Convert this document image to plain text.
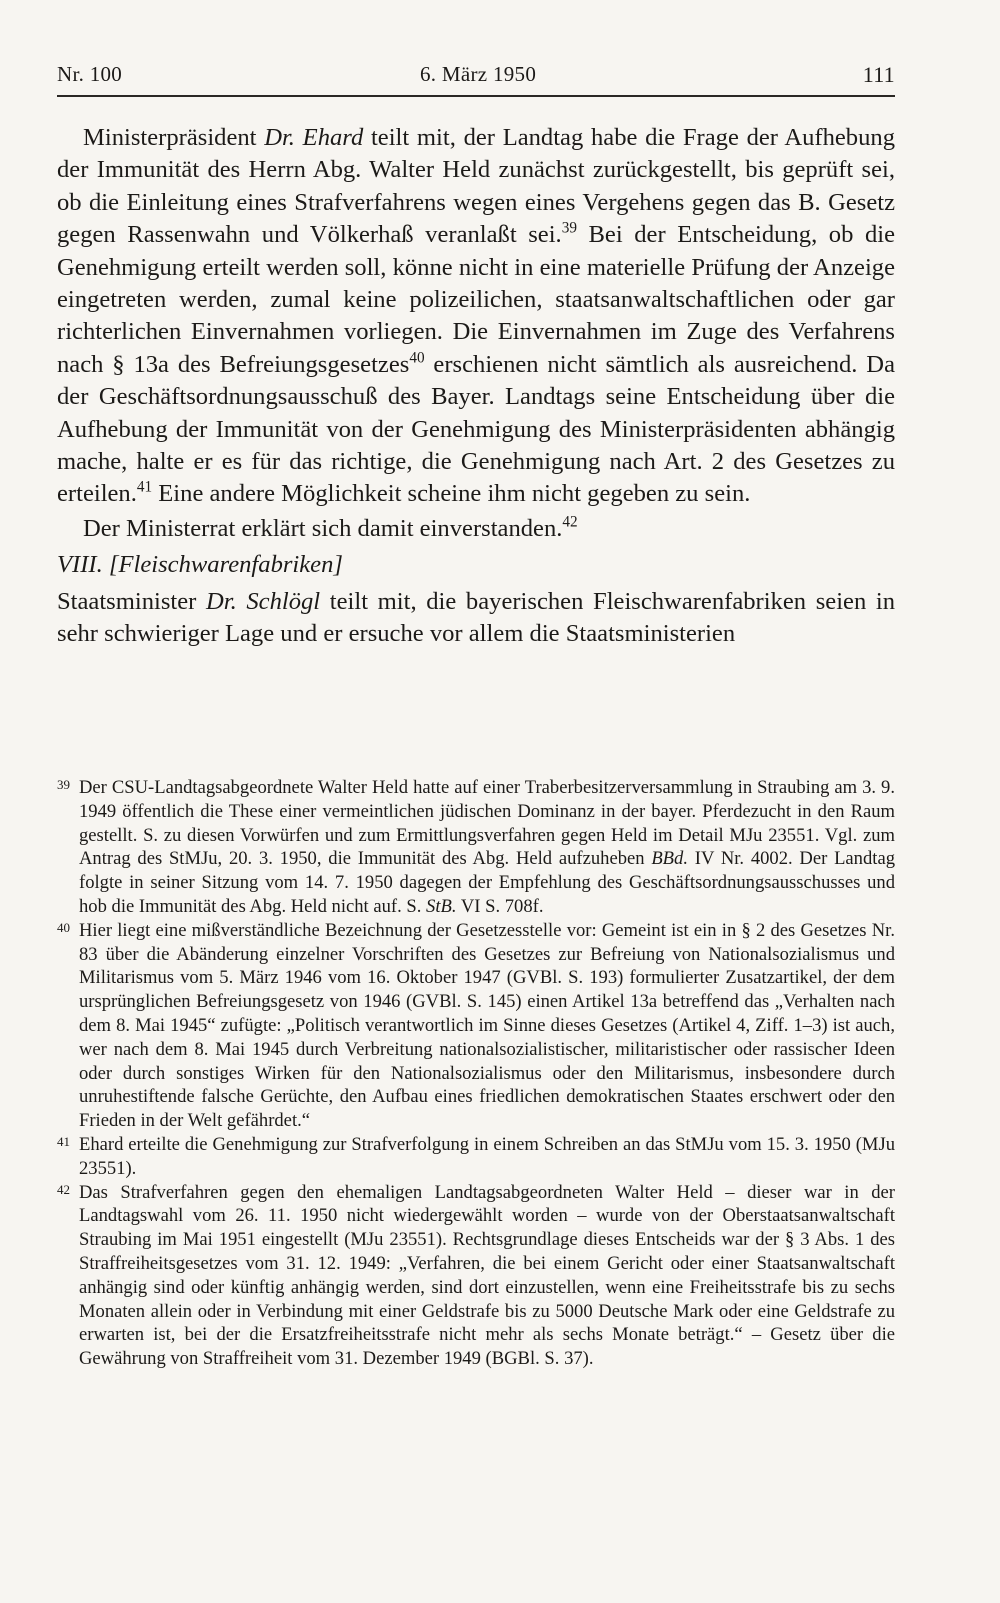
Nr. 100	6. März 1950	111

Ministerpräsident Dr. Ehard teilt mit, der Landtag habe die Frage der Aufhebung der Immunität des Herrn Abg. Walter Held zunächst zurückgestellt, bis geprüft sei, ob die Einleitung eines Strafverfahrens wegen eines Vergehens gegen das B. Gesetz gegen Rassenwahn und Völkerhaß veranlaßt sei.$^{39}$ Bei der Entscheidung, ob die Genehmigung erteilt werden soll, könne nicht in eine materielle Prüfung der Anzeige eingetreten werden, zumal keine polizeilichen, staatsanwaltschaftlichen oder gar richterlichen Einvernahmen vorliegen. Die Einvernahmen im Zuge des Verfahrens nach § 13a des Befreiungsgesetzes$^{40}$ erschienen nicht sämtlich als ausreichend. Da der Geschäftsordnungsausschuß des Bayer. Landtags seine Entscheidung über die Aufhebung der Immunität von der Genehmigung des Ministerpräsidenten abhängig mache, halte er es für das richtige, die Genehmigung nach Art. 2 des Gesetzes zu erteilen.$^{41}$ Eine andere Möglichkeit scheine ihm nicht gegeben zu sein.

Der Ministerrat erklärt sich damit einverstanden.$^{42}$

VIII. [Fleischwarenfabriken]

Staatsminister Dr. Schlögl teilt mit, die bayerischen Fleischwarenfabriken seien in sehr schwieriger Lage und er ersuche vor allem die Staatsministerien

39 Der CSU-Landtagsabgeordnete Walter Held hatte auf einer Traberbesitzerversammlung in Straubing am 3. 9. 1949 öffentlich die These einer vermeintlichen jüdischen Dominanz in der bayer. Pferdezucht in den Raum gestellt. S. zu diesen Vorwürfen und zum Ermittlungsverfahren gegen Held im Detail MJu 23551. Vgl. zum Antrag des StMJu, 20. 3. 1950, die Immunität des Abg. Held aufzuheben BBd. IV Nr. 4002. Der Landtag folgte in seiner Sitzung vom 14. 7. 1950 dagegen der Empfehlung des Geschäftsordnungsausschusses und hob die Immunität des Abg. Held nicht auf. S. StB. VI S. 708f.

40 Hier liegt eine mißverständliche Bezeichnung der Gesetzesstelle vor: Gemeint ist ein in § 2 des Gesetzes Nr. 83 über die Abänderung einzelner Vorschriften des Gesetzes zur Befreiung von Nationalsozialismus und Militarismus vom 5. März 1946 vom 16. Oktober 1947 (GVBl. S. 193) formulierter Zusatzartikel, der dem ursprünglichen Befreiungsgesetz von 1946 (GVBl. S. 145) einen Artikel 13a betreffend das „Verhalten nach dem 8. Mai 1945“ zufügte: „Politisch verantwortlich im Sinne dieses Gesetzes (Artikel 4, Ziff. 1–3) ist auch, wer nach dem 8. Mai 1945 durch Verbreitung nationalsozialistischer, militaristischer oder rassischer Ideen oder durch sonstiges Wirken für den Nationalsozialismus oder den Militarismus, insbesondere durch unruhestiftende falsche Gerüchte, den Aufbau eines friedlichen demokratischen Staates erschwert oder den Frieden in der Welt gefährdet.“

41 Ehard erteilte die Genehmigung zur Strafverfolgung in einem Schreiben an das StMJu vom 15. 3. 1950 (MJu 23551).

42 Das Strafverfahren gegen den ehemaligen Landtagsabgeordneten Walter Held – dieser war in der Landtagswahl vom 26. 11. 1950 nicht wiedergewählt worden – wurde von der Oberstaatsanwaltschaft Straubing im Mai 1951 eingestellt (MJu 23551). Rechtsgrundlage dieses Entscheids war der § 3 Abs. 1 des Straffreiheitsgesetzes vom 31. 12. 1949: „Verfahren, die bei einem Gericht oder einer Staatsanwaltschaft anhängig sind oder künftig anhängig werden, sind dort einzustellen, wenn eine Freiheitsstrafe bis zu sechs Monaten allein oder in Verbindung mit einer Geldstrafe bis zu 5000 Deutsche Mark oder eine Geldstrafe zu erwarten ist, bei der die Ersatzfreiheitsstrafe nicht mehr als sechs Monate beträgt.“ – Gesetz über die Gewährung von Straffreiheit vom 31. Dezember 1949 (BGBl. S. 37).
